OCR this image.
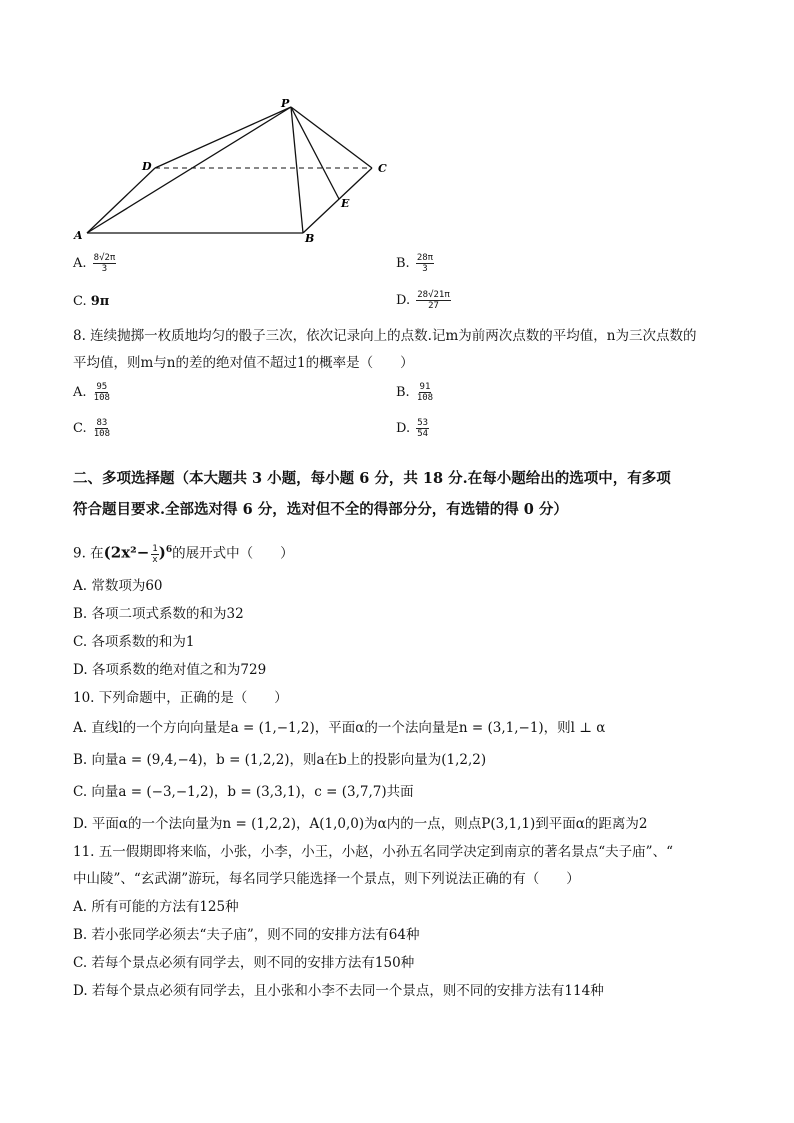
P
D	C
E
A	B
A. $\frac{8√2\pi}{3}$	B. $\frac{28\pi}{3}$
C. 9π	D. $\frac{28√21\pi}{27}$
8. 连续抛掷一枚质地均匀的骰子三次，依次记录向上的点数.记m为前两次点数的平均值，n为三次点数的
平均值，则m与n的差的绝对值不超过1的概率是（　　）
A. $\frac{95}{108}$	B. $\frac{91}{108}$
C. $\frac{83}{108}$	D. $\frac{53}{54}$
二、多项选择题（本大题共 3 小题，每小题 6 分，共 18 分.在每小题给出的选项中，有多项
符合题目要求.全部选对得 6 分，选对但不全的得部分分，有选错的得 0 分）
9. 在$(2x^2- \frac{1}{x} )^6$的展开式中（　　）
A. 常数项为60
B. 各项二项式系数的和为32
C. 各项系数的和为1
D. 各项系数的绝对值之和为729
10. 下列命题中，正确的是（　　）
A. 直线l的一个方向向量是a = (1,−1,2)，平面α的一个法向量是n = (3,1,−1)，则l ⊥ α
B. 向量a = (9,4,−4)，b = (1,2,2)，则a在b上的投影向量为(1,2,2)
C. 向量a = (−3,−1,2)，b = (3,3,1)，c = (3,7,7)共面
D. 平面α的一个法向量为n = (1,2,2)，A(1,0,0)为α内的一点，则点P(3,1,1)到平面α的距离为2
11. 五一假期即将来临，小张，小李，小王，小赵，小孙五名同学决定到南京的著名景点“夫子庙”、“
中山陵”、“玄武湖”游玩，每名同学只能选择一个景点，则下列说法正确的有（　　）
A. 所有可能的方法有125种
B. 若小张同学必须去“夫子庙”，则不同的安排方法有64种
C. 若每个景点必须有同学去，则不同的安排方法有150种
D. 若每个景点必须有同学去，且小张和小李不去同一个景点，则不同的安排方法有114种
